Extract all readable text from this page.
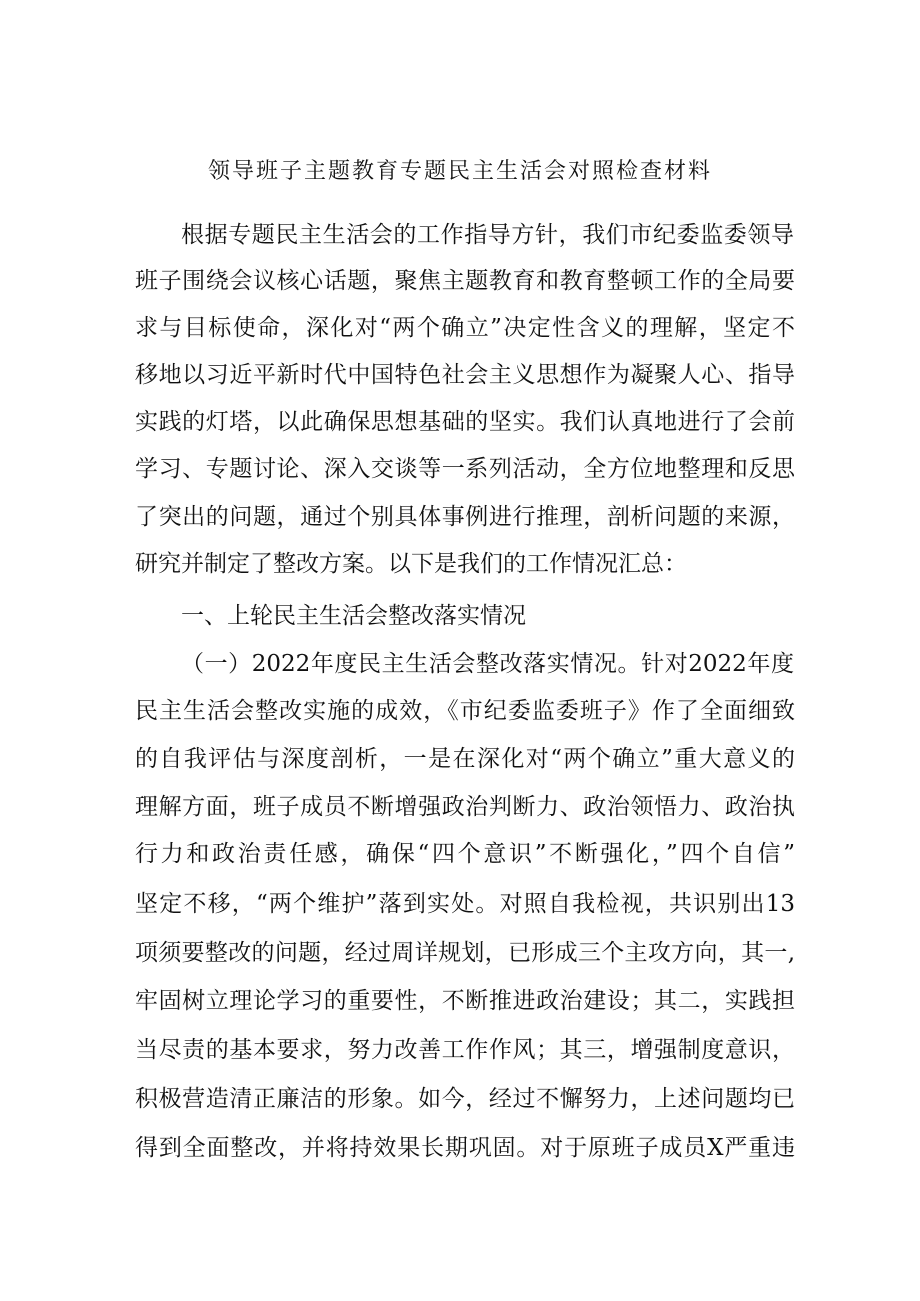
领导班子主题教育专题民主生活会对照检查材料
根据专题民主生活会的工作指导方针，我们市纪委监委领导
班子围绕会议核心话题，聚焦主题教育和教育整顿工作的全局要
求与目标使命，深化对“两个确立”决定性含义的理解，坚定不
移地以习近平新时代中国特色社会主义思想作为凝聚人心、指导
实践的灯塔，以此确保思想基础的坚实。我们认真地进行了会前
学习、专题讨论、深入交谈等一系列活动，全方位地整理和反思
了突出的问题，通过个别具体事例进行推理，剖析问题的来源，
研究并制定了整改方案。以下是我们的工作情况汇总：
一、上轮民主生活会整改落实情况
（一）2022年度民主生活会整改落实情况。针对2022年度
民主生活会整改实施的成效，《市纪委监委班子》作了全面细致
的自我评估与深度剖析，一是在深化对“两个确立”重大意义的
理解方面，班子成员不断增强政治判断力、政治领悟力、政治执
行力和政治责任感，确保“四个意识”不断强化，”四个自信”
坚定不移，“两个维护”落到实处。对照自我检视，共识别出13
项须要整改的问题，经过周详规划，已形成三个主攻方向，其一,
牢固树立理论学习的重要性，不断推进政治建设；其二，实践担
当尽责的基本要求，努力改善工作作风；其三，增强制度意识，
积极营造清正廉洁的形象。如今，经过不懈努力，上述问题均已
得到全面整改，并将持效果长期巩固。对于原班子成员X严重违
